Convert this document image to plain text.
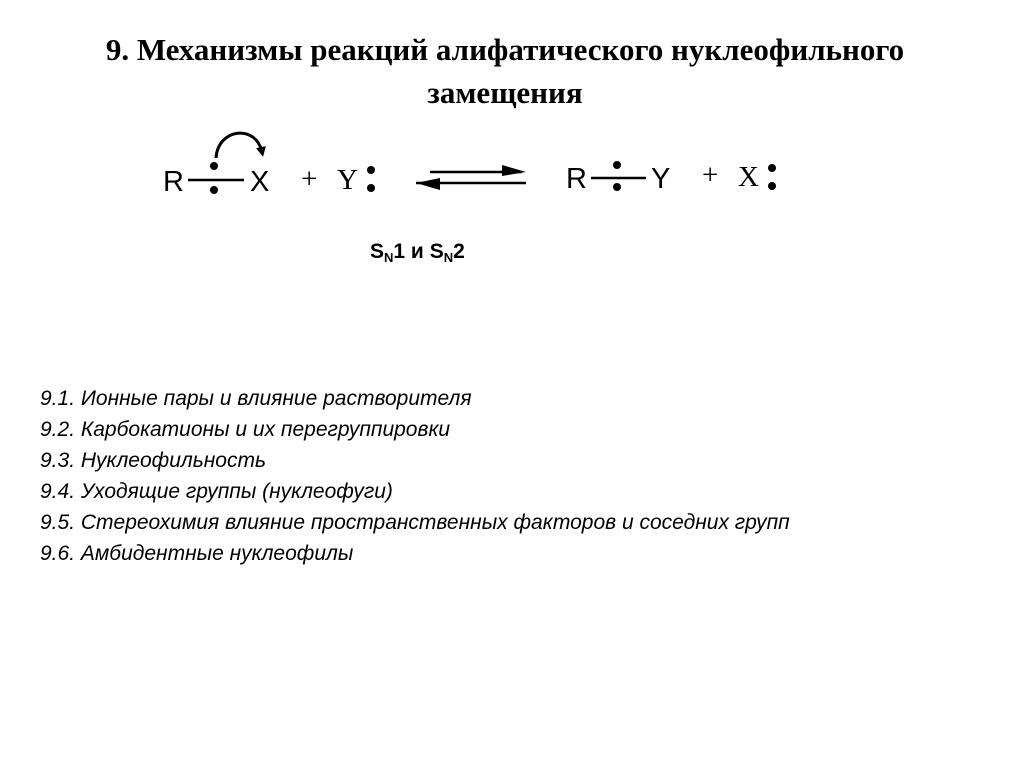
9. Механизмы реакций алифатического нуклеофильного
замещения
R X + Y	R Y + X
$S_N1$ и $S_N2$
9.1. Ионные пары и влияние растворителя
9.2. Карбокатионы и их перегруппировки
9.3. Нуклеофильность
9.4. Уходящие группы (нуклеофуги)
9.5. Стереохимия влияние пространственных факторов и соседних групп
9.6. Амбидентные нуклеофилы
